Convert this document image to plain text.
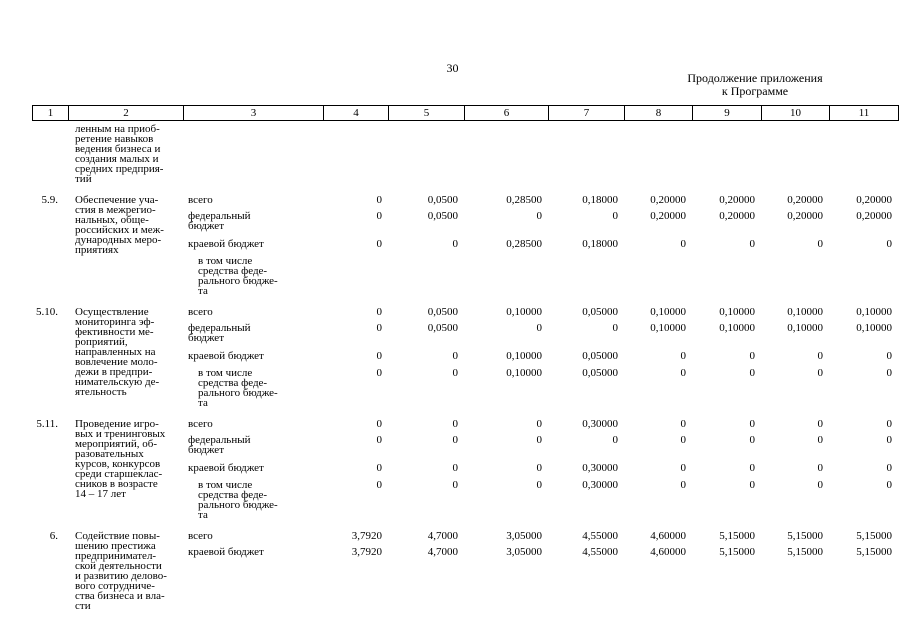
30
Продолжение приложения
к Программе
1	2	3	4	5	6	7	8	9	10	11
ленным на приоб-
ретение навыков
ведения бизнеса и
создания малых и
средних предприя-
тий
5.9. Обеспечение уча-
стия в межрегио-
нальных, обще-
российских и меж-
дународных меро-
приятиях
всего	0	0,0500	0,28500	0,18000	0,20000	0,20000	0,20000	0,20000
федеральный
бюджет
0	0,0500	0	0	0,20000	0,20000	0,20000	0,20000
краевой бюджет	0	0	0,28500	0,18000	0	0	0	0
в том числе
средства феде-
рального бюдже-
та
5.10. Осуществление
мониторинга эф-
фективности ме-
роприятий,
направленных на
вовлечение моло-
дежи в предпри-
нимательскую де-
ятельность
всего	0	0,0500	0,10000	0,05000	0,10000	0,10000	0,10000	0,10000
федеральный
бюджет
0	0,0500	0	0	0,10000	0,10000	0,10000	0,10000
краевой бюджет	0	0	0,10000	0,05000	0	0	0	0
в том числе
средства феде-
рального бюдже-
та
0	0	0,10000	0,05000	0	0	0	0
5.11. Проведение игро-
вых и тренинговых
мероприятий, об-
разовательных
курсов, конкурсов
среди старшеклас-
сников в возрасте
14 – 17 лет
всего	0	0	0	0,30000	0	0	0	0
федеральный
бюджет
0	0	0	0	0	0	0	0
краевой бюджет	0	0	0	0,30000	0	0	0	0
в том числе
средства феде-
рального бюдже-
та
0	0	0	0,30000	0	0	0	0
6. Содействие повы-
шению престижа
предпринимател-
ской деятельности
и развитию делово-
вого сотрудниче-
ства бизнеса и вла-
сти
всего	3,7920	4,7000	3,05000	4,55000	4,60000	5,15000	5,15000	5,15000
краевой бюджет	3,7920	4,7000	3,05000	4,55000	4,60000	5,15000	5,15000	5,15000
